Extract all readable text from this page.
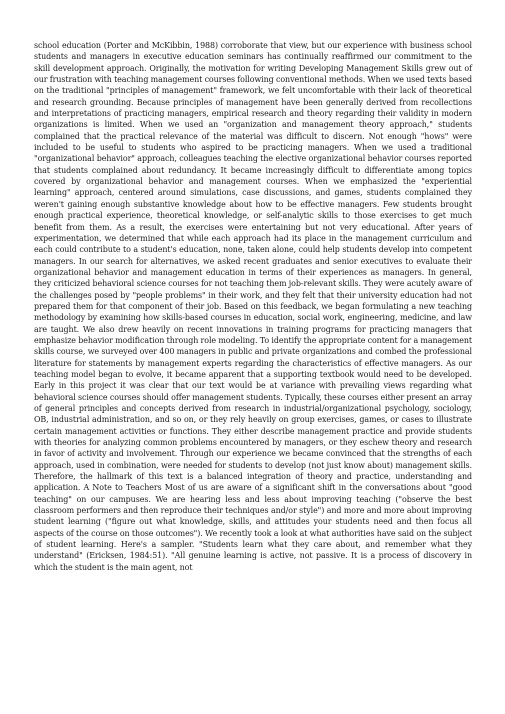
school education (Porter and McKibbin, 1988) corroborate that view, but our experience with business school students and managers in executive education seminars has continually reaffirmed our commitment to the skill development approach. Originally, the motivation for writing Developing Management Skills grew out of our frustration with teaching management courses following conventional methods. When we used texts based on the traditional "principles of management" framework, we felt uncomfortable with their lack of theoretical and research grounding. Because principles of management have been generally derived from recollections and interpretations of practicing managers, empirical research and theory regarding their validity in modern organizations is limited. When we used an "organization and management theory approach," students complained that the practical relevance of the material was difficult to discern. Not enough "hows" were included to be useful to students who aspired to be practicing managers. When we used a traditional "organizational behavior" approach, colleagues teaching the elective organizational behavior courses reported that students complained about redundancy. It became increasingly difficult to differentiate among topics covered by organizational behavior and management courses. When we emphasized the "experiential learning" approach, centered around simulations, case discussions, and games, students complained they weren't gaining enough substantive knowledge about how to be effective managers. Few students brought enough practical experience, theoretical knowledge, or self-analytic skills to those exercises to get much benefit from them. As a result, the exercises were entertaining but not very educational. After years of experimentation, we determined that while each approach had its place in the management curriculum and each could contribute to a student's education, none, taken alone, could help students develop into competent managers. In our search for alternatives, we asked recent graduates and senior executives to evaluate their organizational behavior and management education in terms of their experiences as managers. In general, they criticized behavioral science courses for not teaching them job-relevant skills. They were acutely aware of the challenges posed by "people problems" in their work, and they felt that their university education had not prepared them for that component of their job. Based on this feedback, we began formulating a new teaching methodology by examining how skills-based courses in education, social work, engineering, medicine, and law are taught. We also drew heavily on recent innovations in training programs for practicing managers that emphasize behavior modification through role modeling. To identify the appropriate content for a management skills course, we surveyed over 400 managers in public and private organizations and combed the professional literature for statements by management experts regarding the characteristics of effective managers. As our teaching model began to evolve, it became apparent that a supporting textbook would need to be developed. Early in this project it was clear that our text would be at variance with prevailing views regarding what behavioral science courses should offer management students. Typically, these courses either present an array of general principles and concepts derived from research in industrial/organizational psychology, sociology, OB, industrial administration, and so on, or they rely heavily on group exercises, games, or cases to illustrate certain management activities or functions. They either describe management practice and provide students with theories for analyzing common problems encountered by managers, or they eschew theory and research in favor of activity and involvement. Through our experience we became convinced that the strengths of each approach, used in combination, were needed for students to develop (not just know about) management skills. Therefore, the hallmark of this text is a balanced integration of theory and practice, understanding and application. A Note to Teachers Most of us are aware of a significant shift in the conversations about "good teaching" on our campuses. We are hearing less and less about improving teaching ("observe the best classroom performers and then reproduce their techniques and/or style") and more and more about improving student learning ("figure out what knowledge, skills, and attitudes your students need and then focus all aspects of the course on those outcomes"). We recently took a look at what authorities have said on the subject of student learning. Here's a sampler. "Students learn what they care about, and remember what they understand" (Ericksen, 1984:51). "All genuine learning is active, not passive. It is a process of discovery in which the student is the main agent, not
